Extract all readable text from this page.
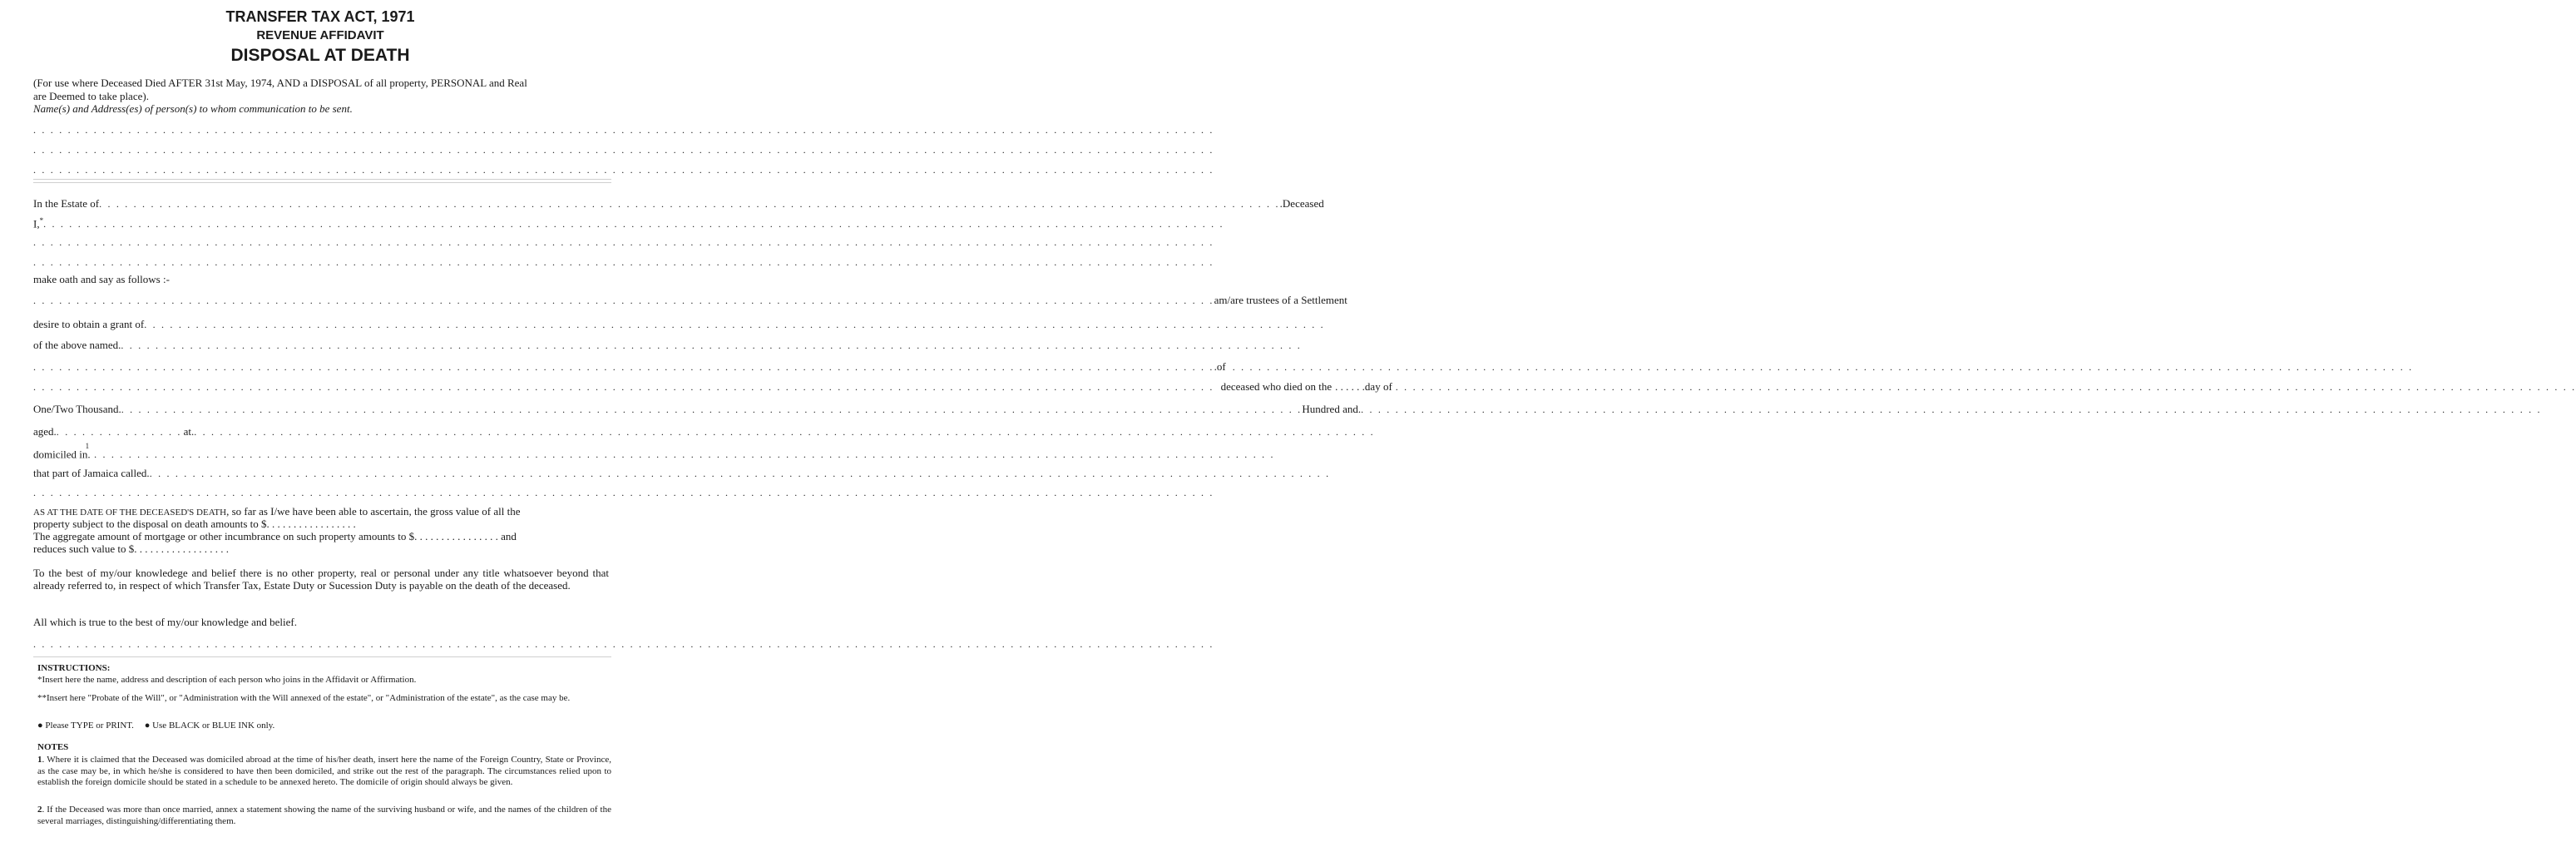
TRANSFER TAX ACT, 1971
REVENUE AFFIDAVIT
DISPOSAL AT DEATH
(For use where Deceased Died AFTER 31st May, 1974, AND a DISPOSAL of all property, PERSONAL and Real
are Deemed to take place).
Name(s) and Address(es) of person(s) to whom communication to be sent.
. . . . . . . . . . . . . . . . . . . . . . . . . . . . . . . . . . . . . . . . . . . . . . . . . . . . . . . . . . . . . . . . . . . . . . . . . . . . . . . . . . . . . . . . . . . . . . . . . . . . . . . . . . . . . . . . . . . . . . . . . . . . . . . . . . . . . . . . .
. . . . . . . . . . . . . . . . . . . . . . . . . . . . . . . . . . . . . . . . . . . . . . . . . . . . . . . . . . . . . . . . . . . . . . . . . . . . . . . . . . . . . . . . . . . . . . . . . . . . . . . . . . . . . . . . . . . . . . . . . . . . . . . . . . . . . . . . .
. . . . . . . . . . . . . . . . . . . . . . . . . . . . . . . . . . . . . . . . . . . . . . . . . . . . . . . . . . . . . . . . . . . . . . . . . . . . . . . . . . . . . . . . . . . . . . . . . . . . . . . . . . . . . . . . . . . . . . . . . . . . . . . . . . . . . . . . .
In the Estate of . . . . . . . . . . . . . . . . . . . . . . . . . . . . . . . . . . . . . . . . . . . . . . . . . . . . . . . . . . . . . . . . . . . . . . . . . . . . . . . . . . . . . . . . . . . . . . . . . . . . . . . . . . . . . . . . . . . . . . . . . . . . . . . . . . . . . . . . . .Deceased
I,* . . . . . . . . . . . . . . . . . . . . . . . . . . . . . . . . . . . . . . . . . . . . . . . . . . . . . . . . . . . . . . . . . . . . . . . . . . . . . . . . . . . . . . . . . . . . . . . . . . . . . . . . . . . . . . . . . . . . . . . . . . . . . . . . . . . . . . . . .
. . . . . . . . . . . . . . . . . . . . . . . . . . . . . . . . . . . . . . . . . . . . . . . . . . . . . . . . . . . . . . . . . . . . . . . . . . . . . . . . . . . . . . . . . . . . . . . . . . . . . . . . . . . . . . . . . . . . . . . . . . . . . . . . . . . . . . . . .
. . . . . . . . . . . . . . . . . . . . . . . . . . . . . . . . . . . . . . . . . . . . . . . . . . . . . . . . . . . . . . . . . . . . . . . . . . . . . . . . . . . . . . . . . . . . . . . . . . . . . . . . . . . . . . . . . . . . . . . . . . . . . . . . . . . . . . . . .
make oath and say as follows :-
. . . . . . . . . . . . . . . . . . . . . . . . . . . . . . . . . . . . . . . . . . . . . . . . . . . . . . . . . . . . . . . . . . . . . . . . . . . . . . . . . . . . . . . . . . . . . . . . . . . . . . . . . . . . . . . . . . . . . . . . . . . . . . . . . . . . . . . . . am/are trustees of a Settlement
desire to obtain a grant of . . . . . . . . . . . . . . . . . . . . . . . . . . . . . . . . . . . . . . . . . . . . . . . . . . . . . . . . . . . . . . . . . . . . . . . . . . . . . . . . . . . . . . . . . . . . . . . . . . . . . . . . . . . . . . . . . . . . . . . . . . . . . . . . . . . . . . . . .
of the above named. . . . . . . . . . . . . . . . . . . . . . . . . . . . . . . . . . . . . . . . . . . . . . . . . . . . . . . . . . . . . . . . . . . . . . . . . . . . . . . . . . . . . . . . . . . . . . . . . . . . . . . . . . . . . . . . . . . . . . . . . . . . . . . . . . . . . . . . . .
. . . . . . . . . . . . . . . . . . . . . . . . . . . . . . . . . . . . . . . . . . . . . . . . . . . . . . . . . . . . . . . . . . . . . . . . . . . . . . . . . . . . . . . . . . . . . . . . . . . . . . . . . . . . . . . . . . . . . . . . . . . . . . . . . . . . . . . . . .of . . . . . . . . . . . . . . . . . . . . . . . . . . . . . . . . . . . . . . . . . . . . . . . . . . . . . . . . . . . . . . . . . . . . . . . . . . . . . . . . . . . . . . . . . . . . . . . . . . . . . . . . . . . . . . . . . . . . . . . . . . . . . . . . . . . . . . . . .
. . . . . . . . . . . . . . . . . . . . . . . . . . . . . . . . . . . . . . . . . . . . . . . . . . . . . . . . . . . . . . . . . . . . . . . . . . . . . . . . . . . . . . . . . . . . . . . . . . . . . . . . . . . . . . . . . . . . . . . . . . . . . . . . . . . . . . . . . deceased who died on the . . . . . .day of . . . . . . . . . . . . . . . . . . . . . . . . . . . . . . . . . . . . . . . . . . . . . . . . . . . . . . . . . . . . . . . . . . . . . . . . . . . . . . . . . . . . . . . . . . . . . . . . . . . . . . . . . . . . . . . . . . . . . . . . . . . . . . . . . . . . . . . . .
One/Two Thousand. . . . . . . . . . . . . . . . . . . . . . . . . . . . . . . . . . . . . . . . . . . . . . . . . . . . . . . . . . . . . . . . . . . . . . . . . . . . . . . . . . . . . . . . . . . . . . . . . . . . . . . . . . . . . . . . . . . . . . . . . . . . . . . . . . . . . . . . . . Hundred and. . . . . . . . . . . . . . . . . . . . . . . . . . . . . . . . . . . . . . . . . . . . . . . . . . . . . . . . . . . . . . . . . . . . . . . . . . . . . . . . . . . . . . . . . . . . . . . . . . . . . . . . . . . . . . . . . . . . . . . . . . . . . . . . . . . . . . . . . .
aged. . . . . . . . . . . . . . . . at. . . . . . . . . . . . . . . . . . . . . . . . . . . . . . . . . . . . . . . . . . . . . . . . . . . . . . . . . . . . . . . . . . . . . . . . . . . . . . . . . . . . . . . . . . . . . . . . . . . . . . . . . . . . . . . . . . . . . . . . . . . . . . . . . . . . . . . . . .
domiciled in.$^1$
. . . . . . . . . . . . . . . . . . . . . . . . . . . . . . . . . . . . . . . . . . . . . . . . . . . . . . . . . . . . . . . . . . . . . . . . . . . . . . . . . . . . . . . . . . . . . . . . . . . . . . . . . . . . . . . . . . . . . . . . . . . . . . . . . . . . . . . . .
that part of Jamaica called. . . . . . . . . . . . . . . . . . . . . . . . . . . . . . . . . . . . . . . . . . . . . . . . . . . . . . . . . . . . . . . . . . . . . . . . . . . . . . . . . . . . . . . . . . . . . . . . . . . . . . . . . . . . . . . . . . . . . . . . . . . . . . . . . . . . . . . . . .
. . . . . . . . . . . . . . . . . . . . . . . . . . . . . . . . . . . . . . . . . . . . . . . . . . . . . . . . . . . . . . . . . . . . . . . . . . . . . . . . . . . . . . . . . . . . . . . . . . . . . . . . . . . . . . . . . . . . . . . . . . . . . . . . . . . . . . . . .
AS AT THE DATE OF THE DECEASED'S DEATH, so far as I/we have been able to ascertain, the gross value of all the
property subject to the disposal on death amounts to $. . . . . . . . . . . . . . . . .
The aggregate amount of mortgage or other incumbrance on such property amounts to $. . . . . . . . . . . . . . . . and
reduces such value to $. . . . . . . . . . . . . . . . . .
To the best of my/our knowledege and belief there is no other property, real or personal under any title whatsoever beyond that already referred to, in respect of which Transfer Tax, Estate Duty or Sucession Duty is payable on the death of the deceased.
All which is true to the best of my/our knowledge and belief.
. . . . . . . . . . . . . . . . . . . . . . . . . . . . . . . . . . . . . . . . . . . . . . . . . . . . . . . . . . . . . . . . . . . . . . . . . . . . . . . . . . . . . . . . . . . . . . . . . . . . . . . . . . . . . . . . . . . . . . . . . . . . . . . . . . . . . . . . .
INSTRUCTIONS:
*Insert here the name, address and description of each person who joins in the Affidavit or Affirmation.
**Insert here "Probate of the Will", or "Administration with the Will annexed of the estate", or "Administration of the estate", as the case may be.
● Please TYPE or PRINT. ● Use BLACK or BLUE INK only.
NOTES
1. Where it is claimed that the Deceased was domiciled abroad at the time of his/her death, insert here the name of the Foreign Country, State or Province, as the case may be, in which he/she is considered to have then been domiciled, and strike out the rest of the paragraph. The circumstances relied upon to establish the foreign domicile should be stated in a schedule to be annexed hereto. The domicile of origin should always be given.
2. If the Deceased was more than once married, annex a statement showing the name of the surviving husband or wife, and the names of the children of the several marriages, distinguishing/differentiating them.
